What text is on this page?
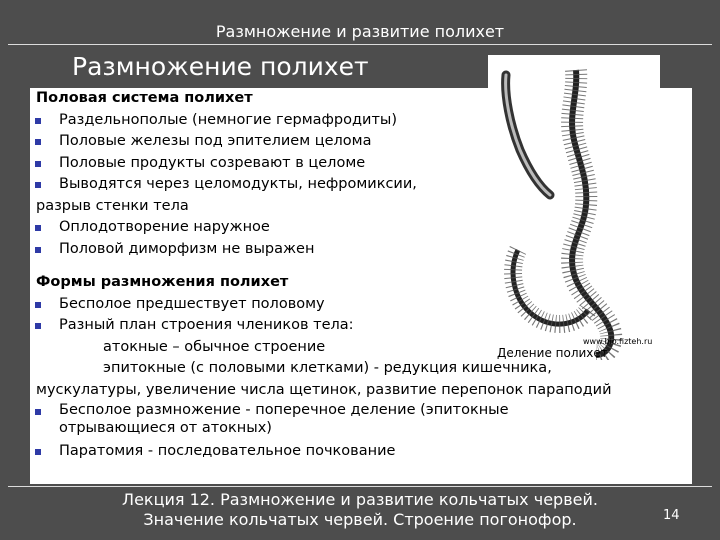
Размножение и развитие полихет
Размножение полихет
Половая система полихет
Раздельнополые (немногие гермафродиты)
Половые железы под эпителием целома
Половые продукты созревают в целоме
Выводятся через целомодукты, нефромиксии,
разрыв стенки тела
Оплодотворение наружное
Половой диморфизм не выражен
Формы размножения полихет
Бесполое предшествует половому
Разный план строения члеников тела:
атокные – обычное строение
эпитокные (с половыми клетками) - редукция кишечника,
мускулатуры, увеличение числа щетинок, развитие перепонок параподий
Бесполое размножение - поперечное деление (эпитокные отрывающиеся от атокных)
Паратомия - последовательное почкование
www.bio.fizteh.ru
Деление полихет
Лекция 12. Размножение и развитие кольчатых червей.
Значение кольчатых червей. Строение погонофор.	14
